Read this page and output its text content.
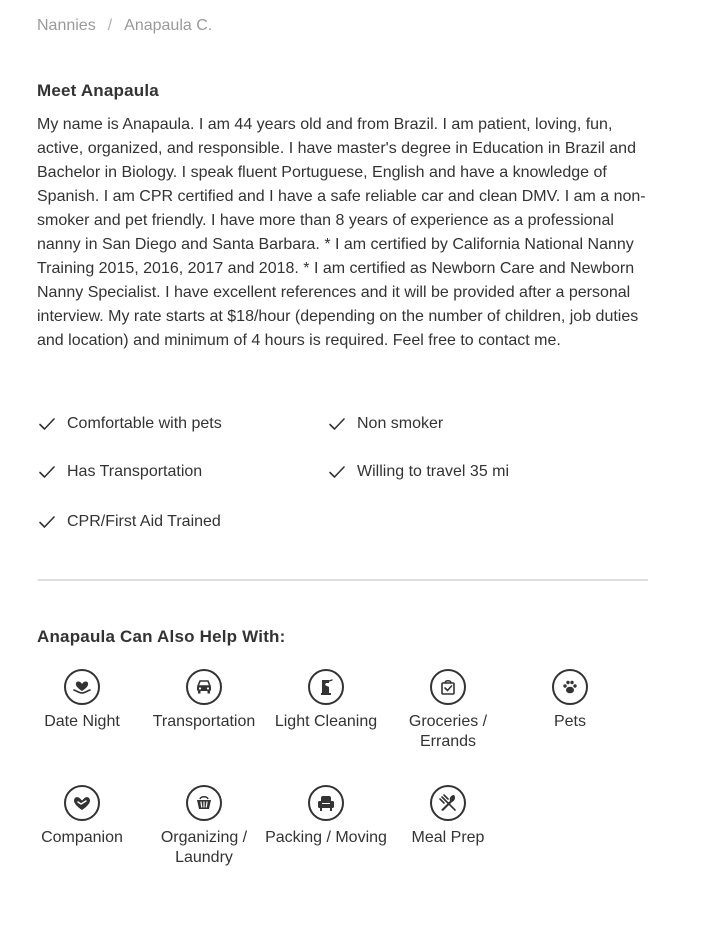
Nannies / Anapaula C.
Meet Anapaula

My name is Anapaula. I am 44 years old and from Brazil. I am patient, loving, fun, active, organized, and responsible. I have master's degree in Education in Brazil and Bachelor in Biology. I speak fluent Portuguese, English and have a knowledge of Spanish. I am CPR certified and I have a safe reliable car and clean DMV. I am a non-smoker and pet friendly. I have more than 8 years of experience as a professional nanny in San Diego and Santa Barbara. * I am certified by California National Nanny Training 2015, 2016, 2017 and 2018. * I am certified as Newborn Care and Newborn Nanny Specialist. I have excellent references and it will be provided after a personal interview. My rate starts at $18/hour (depending on the number of children, job duties and location) and minimum of 4 hours is required. Feel free to contact me.

Comfortable with pets	Non smoker
Has Transportation	Willing to travel 35 mi
CPR/First Aid Trained
Anapaula Can Also Help With:
Date Night	Transportation	Light Cleaning	Groceries / Errands
Pets
Companion	Organizing / Laundry
Packing / Moving	Meal Prep
